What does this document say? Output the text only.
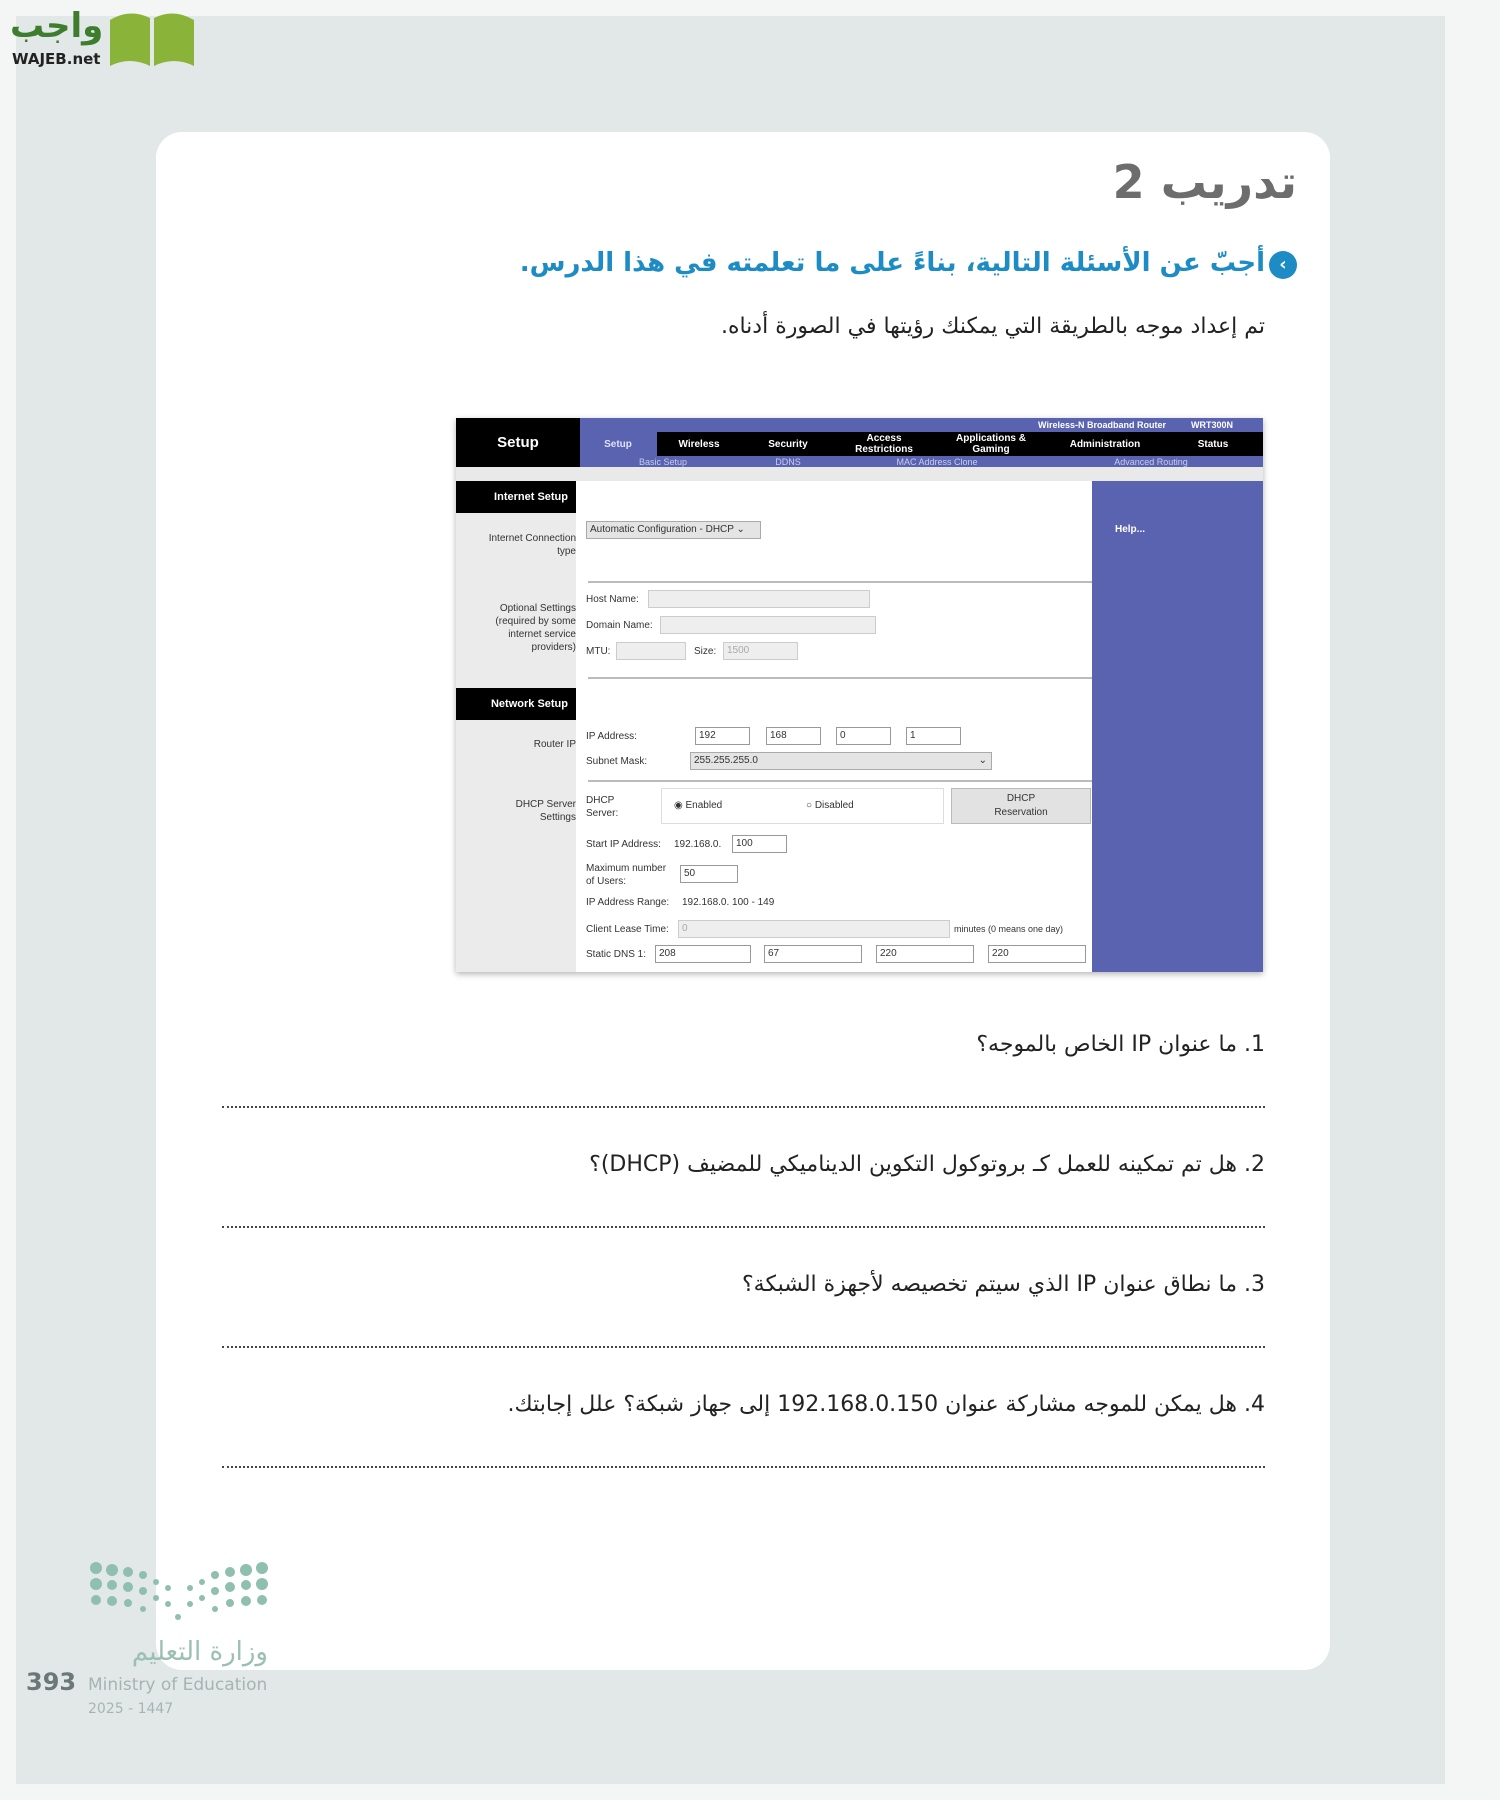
واجب
WAJEB.net
تدريب 2
‹
أجبّ عن الأسئلة التالية، بناءً على ما تعلمته في هذا الدرس.
تم إعداد موجه بالطريقة التي يمكنك رؤيتها في الصورة أدناه.
Setup
Wireless-N Broadband Router	WRT300N
Setup	Wireless	Security	Access Restrictions
Applications & Gaming	Administration	Status
Basic Setup	DDNS	MAC Address Clone	Advanced Routing
Help...
Internet Setup
Internet Connection type
Automatic Configuration - DHCP ⌄
Optional Settings (required by some internet service providers)
Host Name:
Domain Name:
MTU:	Size:	1500
Network Setup
Router IP
IP Address:	192	168	0	1
Subnet Mask:	255.255.255.0	⌄
DHCP Server Settings
DHCP Server:
◉ Enabled	○ Disabled
DHCP Reservation
Start IP Address: 192.168.0.	100
Maximum number of Users:
50
IP Address Range: 192.168.0. 100 - 149
Client Lease Time:	0	minutes (0 means one day)
Static DNS 1:	208	67	220	220
1. ما عنوان IP الخاص بالموجه؟
2. هل تم تمكينه للعمل كـ بروتوكول التكوين الديناميكي للمضيف (DHCP)؟
3. ما نطاق عنوان IP الذي سيتم تخصيصه لأجهزة الشبكة؟
4. هل يمكن للموجه مشاركة عنوان 192.168.0.150 إلى جهاز شبكة؟ علل إجابتك.
وزارة التعليم
Ministry of Education
2025 - 1447
393
